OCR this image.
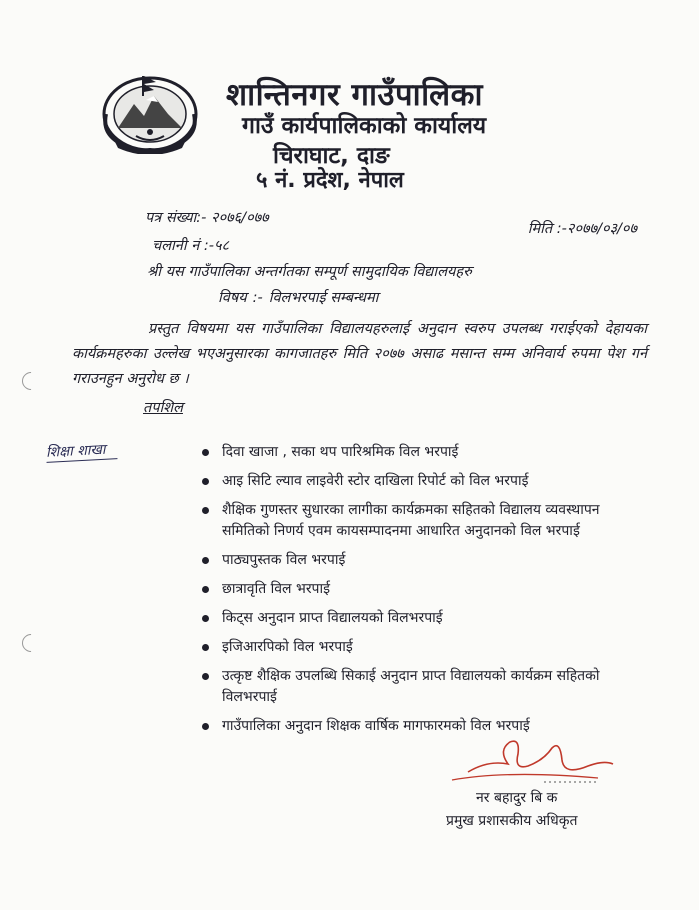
शान्तिनगर गाउँपालिका
गाउँ कार्यपालिकाको कार्यालय
चिराघाट, दाङ
५ नं. प्रदेश, नेपाल
पत्र संख्या:- २०७६/०७७
चलानी नं :-५८
मिति :-२०७७/०३/०७
श्री यस गाउँपालिका अन्तर्गतका सम्पूर्ण सामुदायिक विद्यालयहरु
विषय :- विलभरपाई सम्बन्धमा
प्रस्तुत विषयमा यस गाउँपालिका विद्यालयहरुलाई अनुदान स्वरुप उपलब्ध गराईएको देहायका कार्यक्रमहरुका उल्लेख भएअनुसारका कागजातहरु मिति २०७७ असाढ मसान्त सम्म अनिवार्य रुपमा पेश गर्न गराउनहुन अनुरोध छ ।
तपशिल
शिक्षा शाखा	दिवा खाजा , सका थप पारिश्रमिक विल भरपाई
आइ सिटि ल्याव लाइवेरी स्टोर दाखिला रिपोर्ट को विल भरपाई
शैक्षिक गुणस्तर सुधारका लागीका कार्यक्रमका सहितको विद्यालय व्यवस्थापन समितिको निणर्य एवम कायसम्पादनमा आधारित अनुदानको विल भरपाई
पाठ्यपुस्तक विल भरपाई
छात्रावृति विल भरपाई
किट्स अनुदान प्राप्त विद्यालयको विलभरपाई
इजिआरपिको विल भरपाई
उत्कृष्ट शैक्षिक उपलब्धि सिकाई अनुदान प्राप्त विद्यालयको कार्यक्रम सहितको विलभरपाई
गाउँपालिका अनुदान शिक्षक वार्षिक मागफारमको विल भरपाई
नर बहादुर बि क
प्रमुख प्रशासकीय अधिकृत
